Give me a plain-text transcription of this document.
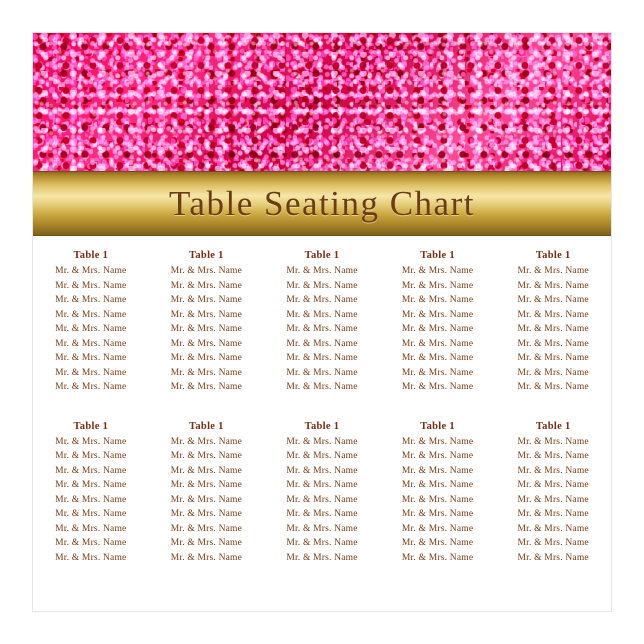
Table Seating Chart
Table 1
Mr. & Mrs. Name
Mr. & Mrs. Name
Mr. & Mrs. Name
Mr. & Mrs. Name
Mr. & Mrs. Name
Mr. & Mrs. Name
Mr. & Mrs. Name
Mr. & Mrs. Name
Mr. & Mrs. Name
Table 1
Mr. & Mrs. Name
Mr. & Mrs. Name
Mr. & Mrs. Name
Mr. & Mrs. Name
Mr. & Mrs. Name
Mr. & Mrs. Name
Mr. & Mrs. Name
Mr. & Mrs. Name
Mr. & Mrs. Name
Table 1
Mr. & Mrs. Name
Mr. & Mrs. Name
Mr. & Mrs. Name
Mr. & Mrs. Name
Mr. & Mrs. Name
Mr. & Mrs. Name
Mr. & Mrs. Name
Mr. & Mrs. Name
Mr. & Mrs. Name
Table 1
Mr. & Mrs. Name
Mr. & Mrs. Name
Mr. & Mrs. Name
Mr. & Mrs. Name
Mr. & Mrs. Name
Mr. & Mrs. Name
Mr. & Mrs. Name
Mr. & Mrs. Name
Mr. & Mrs. Name
Table 1
Mr. & Mrs. Name
Mr. & Mrs. Name
Mr. & Mrs. Name
Mr. & Mrs. Name
Mr. & Mrs. Name
Mr. & Mrs. Name
Mr. & Mrs. Name
Mr. & Mrs. Name
Mr. & Mrs. Name
Table 1
Mr. & Mrs. Name
Mr. & Mrs. Name
Mr. & Mrs. Name
Mr. & Mrs. Name
Mr. & Mrs. Name
Mr. & Mrs. Name
Mr. & Mrs. Name
Mr. & Mrs. Name
Mr. & Mrs. Name
Table 1
Mr. & Mrs. Name
Mr. & Mrs. Name
Mr. & Mrs. Name
Mr. & Mrs. Name
Mr. & Mrs. Name
Mr. & Mrs. Name
Mr. & Mrs. Name
Mr. & Mrs. Name
Mr. & Mrs. Name
Table 1
Mr. & Mrs. Name
Mr. & Mrs. Name
Mr. & Mrs. Name
Mr. & Mrs. Name
Mr. & Mrs. Name
Mr. & Mrs. Name
Mr. & Mrs. Name
Mr. & Mrs. Name
Mr. & Mrs. Name
Table 1
Mr. & Mrs. Name
Mr. & Mrs. Name
Mr. & Mrs. Name
Mr. & Mrs. Name
Mr. & Mrs. Name
Mr. & Mrs. Name
Mr. & Mrs. Name
Mr. & Mrs. Name
Mr. & Mrs. Name
Table 1
Mr. & Mrs. Name
Mr. & Mrs. Name
Mr. & Mrs. Name
Mr. & Mrs. Name
Mr. & Mrs. Name
Mr. & Mrs. Name
Mr. & Mrs. Name
Mr. & Mrs. Name
Mr. & Mrs. Name
